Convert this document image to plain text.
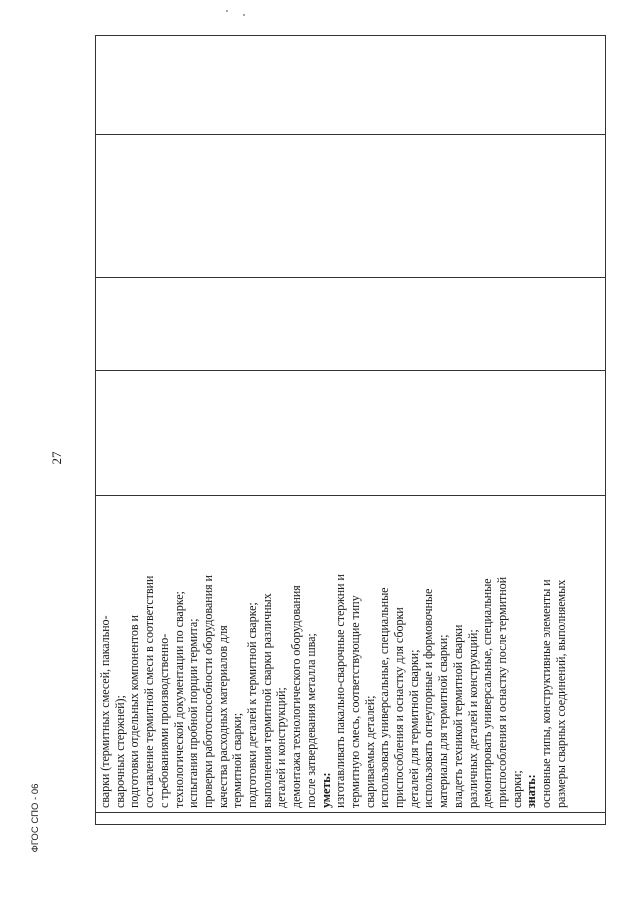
27
сварки (термитных смесей, пакально- сварочных стержней); подготовки отдельных компонентов и составление термитной смеси в соответствии с требованиями производственно- технологической документации по сварке; испытания пробной порции термита; проверки работоспособности оборудования и качества расходных материалов для термитной сварки; подготовки деталей к термитной сварке; выполнения термитной сварки различных деталей и конструкций; демонтажа технологического оборудования после затвердевания металла шва; уметь: изготавливать пакально-сварочные стержни и термитную смесь, соответствующие типу свариваемых деталей; использовать универсальные, специальные приспособления и оснастку для сборки деталей для термитной сварки; использовать огнеупорные и формовочные материалы для термитной сварки; владеть техникой термитной сварки различных деталей и конструкций; демонтировать универсальные, специальные приспособления и оснастку после термитной сварки; знать: основные типы, конструктивные элементы и размеры сварных соединений, выполняемых
ФГОС СПО - 06
